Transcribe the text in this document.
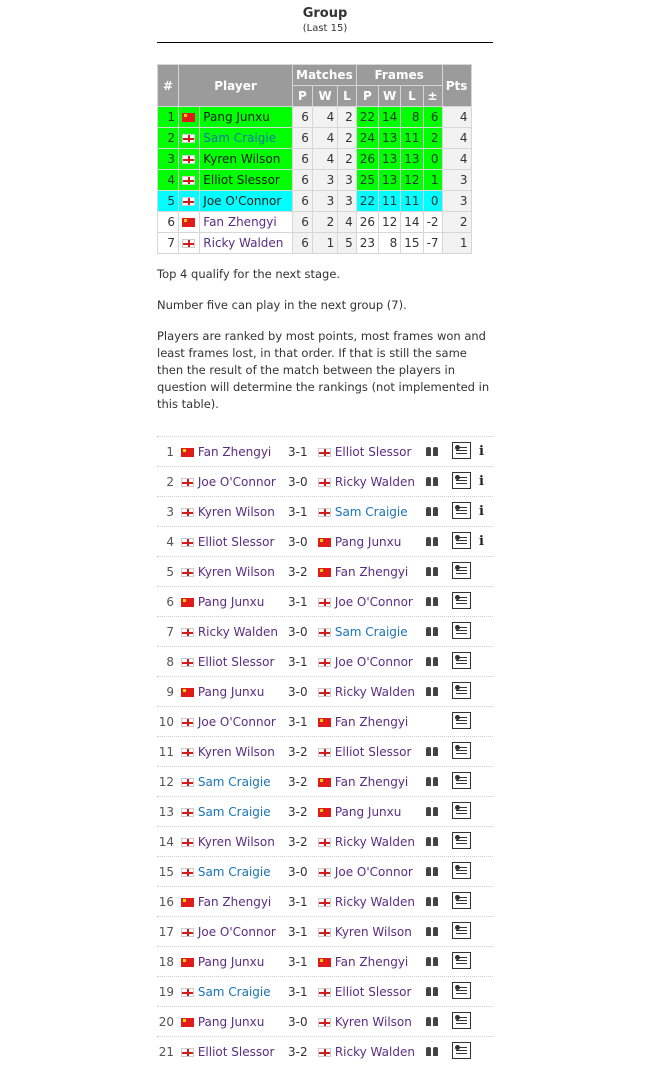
Group
(Last 15)
#	Player		Matches			Frames				Pts
			P	W	L	P	W	L	±	
1		Pang Junxu	6	4	2	22	14	8	6	4
2		Sam Craigie	6	4	2	24	13	11	2	4
3		Kyren Wilson	6	4	2	26	13	13	0	4
4		Elliot Slessor	6	3	3	25	13	12	1	3
5		Joe O'Connor	6	3	3	22	11	11	0	3
6		Fan Zhengyi	6	2	4	26	12	14	-2	2
7		Ricky Walden	6	1	5	23	8	15	-7	1

Top 4 qualify for the next stage.

Number five can play in the next group (7).

Players are ranked by most points, most frames won and least frames lost, in that order. If that is still the same then the result of the match between the players in question will determine the rankings (not implemented in this table).

1	Fan Zhengyi 3-1	Elliot Slessor	i
2	Joe O'Connor 3-0	Ricky Walden	i
3	Kyren Wilson 3-1	Sam Craigie	i
4	Elliot Slessor 3-0	Pang Junxu	i
5	Kyren Wilson 3-2	Fan Zhengyi
6	Pang Junxu 3-1	Joe O'Connor
7	Ricky Walden 3-0	Sam Craigie
8	Elliot Slessor 3-1	Joe O'Connor
9	Pang Junxu 3-0	Ricky Walden
10	Joe O'Connor 3-1	Fan Zhengyi
11	Kyren Wilson 3-2	Elliot Slessor
12	Sam Craigie 3-2	Fan Zhengyi
13	Sam Craigie 3-2	Pang Junxu
14	Kyren Wilson 3-2	Ricky Walden
15	Sam Craigie 3-0	Joe O'Connor
16	Fan Zhengyi 3-1	Ricky Walden
17	Joe O'Connor 3-1	Kyren Wilson
18	Pang Junxu 3-1	Fan Zhengyi
19	Sam Craigie 3-1	Elliot Slessor
20	Pang Junxu 3-0	Kyren Wilson
21	Elliot Slessor 3-2	Ricky Walden
